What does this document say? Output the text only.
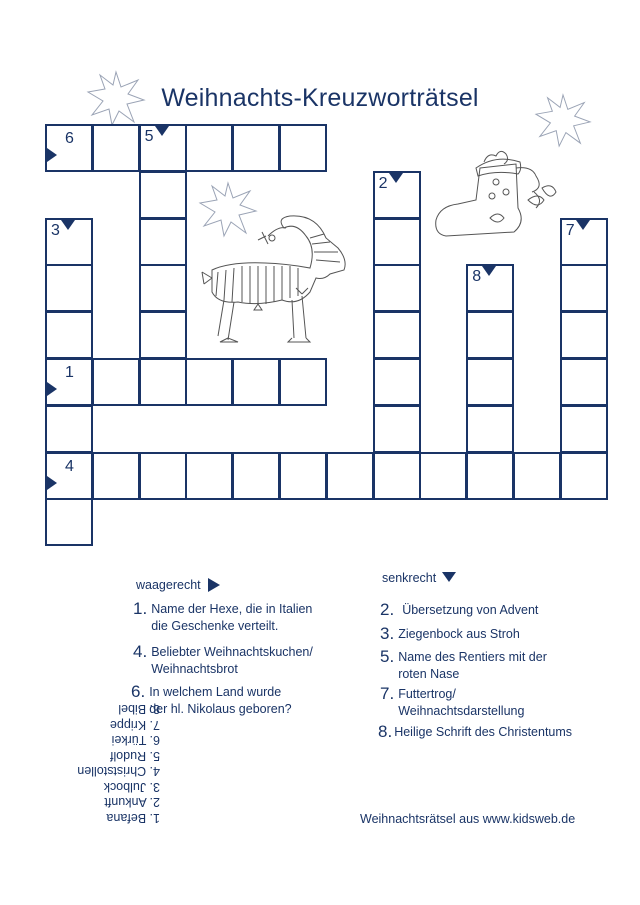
Weihnachts-Kreuzworträtsel
6	5
2
3	7
8
1
4
waagerecht
1. Name der Hexe, die in Italien
die Geschenke verteilt.
4. Beliebter Weihnachtskuchen/
Weihnachtsbrot
6. In welchem Land wurde
der hl. Nikolaus geboren?
senkrecht
2. Übersetzung von Advent
3. Ziegenbock aus Stroh
5. Name des Rentiers mit der
roten Nase
7. Futtertrog/
Weihnachtsdarstellung
8. Heilige Schrift des Christentums
1. Befana
2. Ankunft
3. Julbock
4. Christstollen
5. Rudolf
6. Türkei
7. Krippe
8. Bibel
Weihnachtsrätsel aus www.kidsweb.de
